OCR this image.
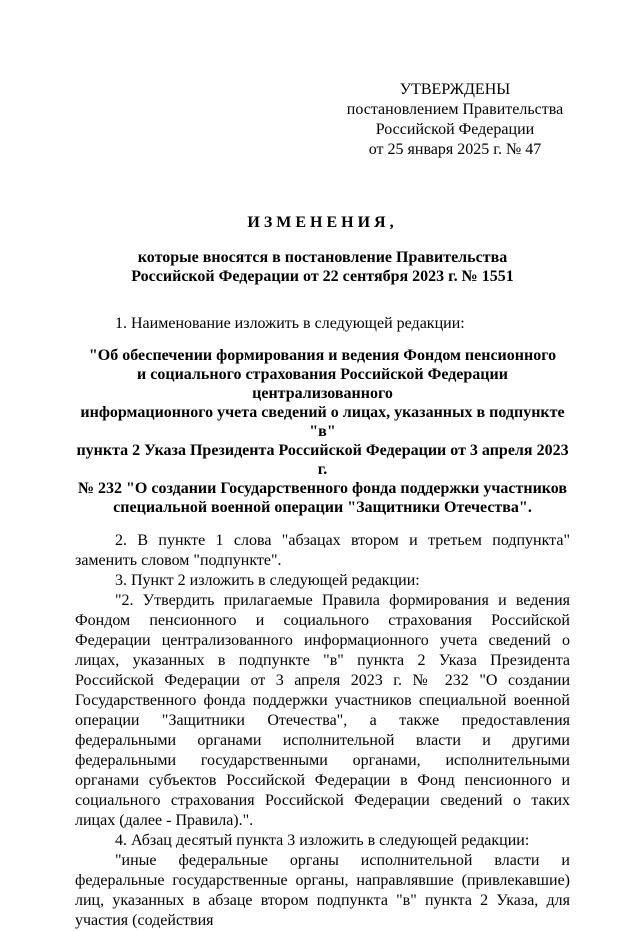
УТВЕРЖДЕНЫ
постановлением Правительства
Российской Федерации
от 25 января 2025 г. № 47
ИЗМЕНЕНИЯ,
которые вносятся в постановление Правительства
Российской Федерации от 22 сентября 2023 г. № 1551

1. Наименование изложить в следующей редакции:

"Об обеспечении формирования и ведения Фондом пенсионного
и социального страхования Российской Федерации централизованного
информационного учета сведений о лицах, указанных в подпункте "в"
пункта 2 Указа Президента Российской Федерации от 3 апреля 2023 г.
№ 232 "О создании Государственного фонда поддержки участников
специальной военной операции "Защитники Отечества".

2. В пункте 1 слова "абзацах втором и третьем подпункта" заменить словом "подпункте".

3. Пункт 2 изложить в следующей редакции:

"2. Утвердить прилагаемые Правила формирования и ведения Фондом пенсионного и социального страхования Российской Федерации централизованного информационного учета сведений о лицах, указанных в подпункте "в" пункта 2 Указа Президента Российской Федерации от 3 апреля 2023 г. № 232 "О создании Государственного фонда поддержки участников специальной военной операции "Защитники Отечества", а также предоставления федеральными органами исполнительной власти и другими федеральными государственными органами, исполнительными органами субъектов Российской Федерации в Фонд пенсионного и социального страхования Российской Федерации сведений о таких лицах (далее - Правила).".

4. Абзац десятый пункта 3 изложить в следующей редакции:

"иные федеральные органы исполнительной власти и федеральные государственные органы, направлявшие (привлекавшие) лиц, указанных в абзаце втором подпункта "в" пункта 2 Указа, для участия (содействия
